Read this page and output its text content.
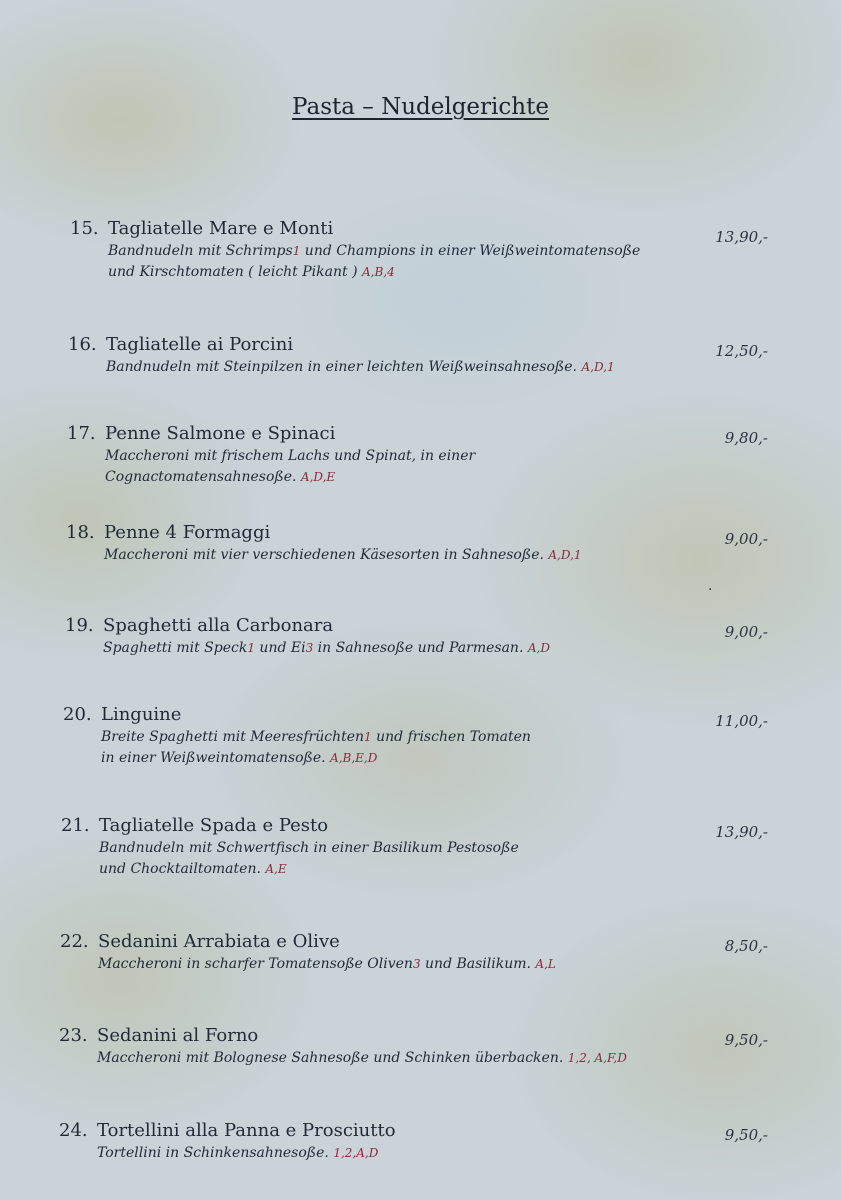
Pasta – Nudelgerichte
15. Tagliatelle Mare e Monti	13,90,-
Bandnudeln mit Schrimps1 und Champions in einer Weißweintomatensoße
und Kirschtomaten ( leicht Pikant ) A,B,4
16. Tagliatelle ai Porcini	12,50,-
Bandnudeln mit Steinpilzen in einer leichten Weißweinsahnesoße. A,D,1
17. Penne Salmone e Spinaci	9,80,-
Maccheroni mit frischem Lachs und Spinat, in einer
Cognactomatensahnesoße. A,D,E
18. Penne 4 Formaggi	9,00,-
Maccheroni mit vier verschiedenen Käsesorten in Sahnesoße. A,D,1
19. Spaghetti alla Carbonara	9,00,-
Spaghetti mit Speck1 und Ei3 in Sahnesoße und Parmesan. A,D
20. Linguine	11,00,-
Breite Spaghetti mit Meeresfrüchten1 und frischen Tomaten
in einer Weißweintomatensoße. A,B,E,D
21. Tagliatelle Spada e Pesto	13,90,-
Bandnudeln mit Schwertfisch in einer Basilikum Pestosoße
und Chocktailtomaten. A,E
22. Sedanini Arrabiata e Olive	8,50,-
Maccheroni in scharfer Tomatensoße Oliven3 und Basilikum. A,L
23. Sedanini al Forno	9,50,-
Maccheroni mit Bolognese Sahnesoße und Schinken überbacken. 1,2, A,F,D
24. Tortellini alla Panna e Prosciutto	9,50,-
Tortellini in Schinkensahnesoße. 1,2,A,D
.
